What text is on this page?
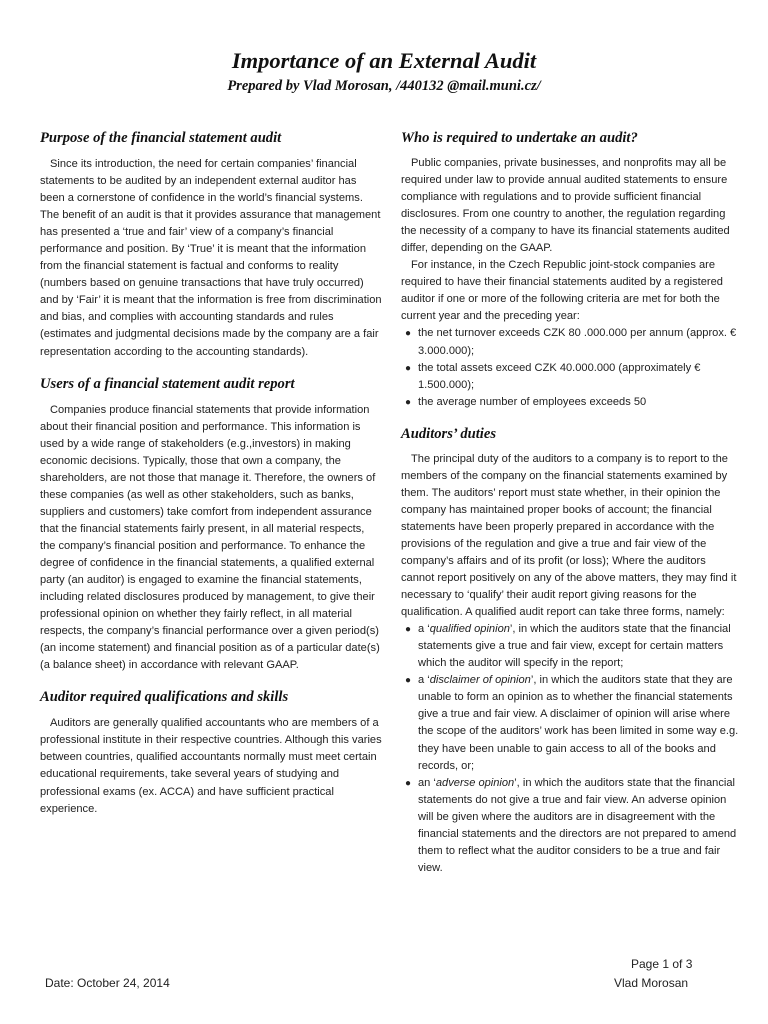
Importance of an External Audit
Prepared by Vlad Morosan, /440132 @mail.muni.cz/
Purpose of the financial statement audit

Since its introduction, the need for certain companies’ financial statements to be audited by an independent external auditor has been a cornerstone of confidence in the world’s financial systems. The benefit of an audit is that it provides assurance that management has presented a ‘true and fair’ view of a company’s financial performance and position. By ‘True’ it is meant that the information from the financial statement is factual and conforms to reality (numbers based on genuine transactions that have truly occurred) and by ‘Fair’ it is meant that the information is free from discrimination and bias, and complies with accounting standards and rules (estimates and judgmental decisions made by the company are a fair representation according to the accounting standards).

Users of a financial statement audit report

Companies produce financial statements that provide information about their financial position and performance. This information is used by a wide range of stakeholders (e.g.,investors) in making economic decisions. Typically, those that own a company, the shareholders, are not those that manage it. Therefore, the owners of these companies (as well as other stakeholders, such as banks, suppliers and customers) take comfort from independent assurance that the financial statements fairly present, in all material respects, the company’s financial position and performance. To enhance the degree of confidence in the financial statements, a qualified external party (an auditor) is engaged to examine the financial statements, including related disclosures produced by management, to give their professional opinion on whether they fairly reflect, in all material respects, the company’s financial performance over a given period(s) (an income statement) and financial position as of a particular date(s) (a balance sheet) in accordance with relevant GAAP.

Auditor required qualifications and skills

Auditors are generally qualified accountants who are members of a professional institute in their respective countries. Although this varies between countries, qualified accountants normally must meet certain educational requirements, take several years of studying and professional exams (ex. ACCA) and have sufficient practical experience.

Who is required to undertake an audit?

Public companies, private businesses, and nonprofits may all be required under law to provide annual audited statements to ensure compliance with regulations and to provide sufficient financial disclosures. From one country to another, the regulation regarding the necessity of a company to have its financial statements audited differ, depending on the GAAP.

For instance, in the Czech Republic joint-stock companies are required to have their financial statements audited by a registered auditor if one or more of the following criteria are met for both the current year and the preceding year:

● the net turnover exceeds CZK 80 .000.000 per annum (approx. € 3.000.000);
● the total assets exceed CZK 40.000.000 (approximately € 1.500.000);
● the average number of employees exceeds 50
Auditors’ duties

The principal duty of the auditors to a company is to report to the members of the company on the financial statements examined by them. The auditors’ report must state whether, in their opinion the company has maintained proper books of account; the financial statements have been properly prepared in accordance with the provisions of the regulation and give a true and fair view of the company’s affairs and of its profit (or loss); Where the auditors cannot report positively on any of the above matters, they may find it necessary to ‘qualify’ their audit report giving reasons for the qualification. A qualified audit report can take three forms, namely:

● a ‘qualified opinion’, in which the auditors state that the financial statements give a true and fair view, except for certain matters which the auditor will specify in the report;
● a ‘disclaimer of opinion’, in which the auditors state that they are unable to form an opinion as to whether the financial statements give a true and fair view. A disclaimer of opinion will arise where the scope of the auditors’ work has been limited in some way e.g. they have been unable to gain access to all of the books and records, or;
● an ‘adverse opinion’, in which the auditors state that the financial statements do not give a true and fair view. An adverse opinion will be given where the auditors are in disagreement with the financial statements and the directors are not prepared to amend them to reflect what the auditor considers to be a true and fair view.
Page 1 of 3
Date: October 24, 2014	Vlad Morosan
